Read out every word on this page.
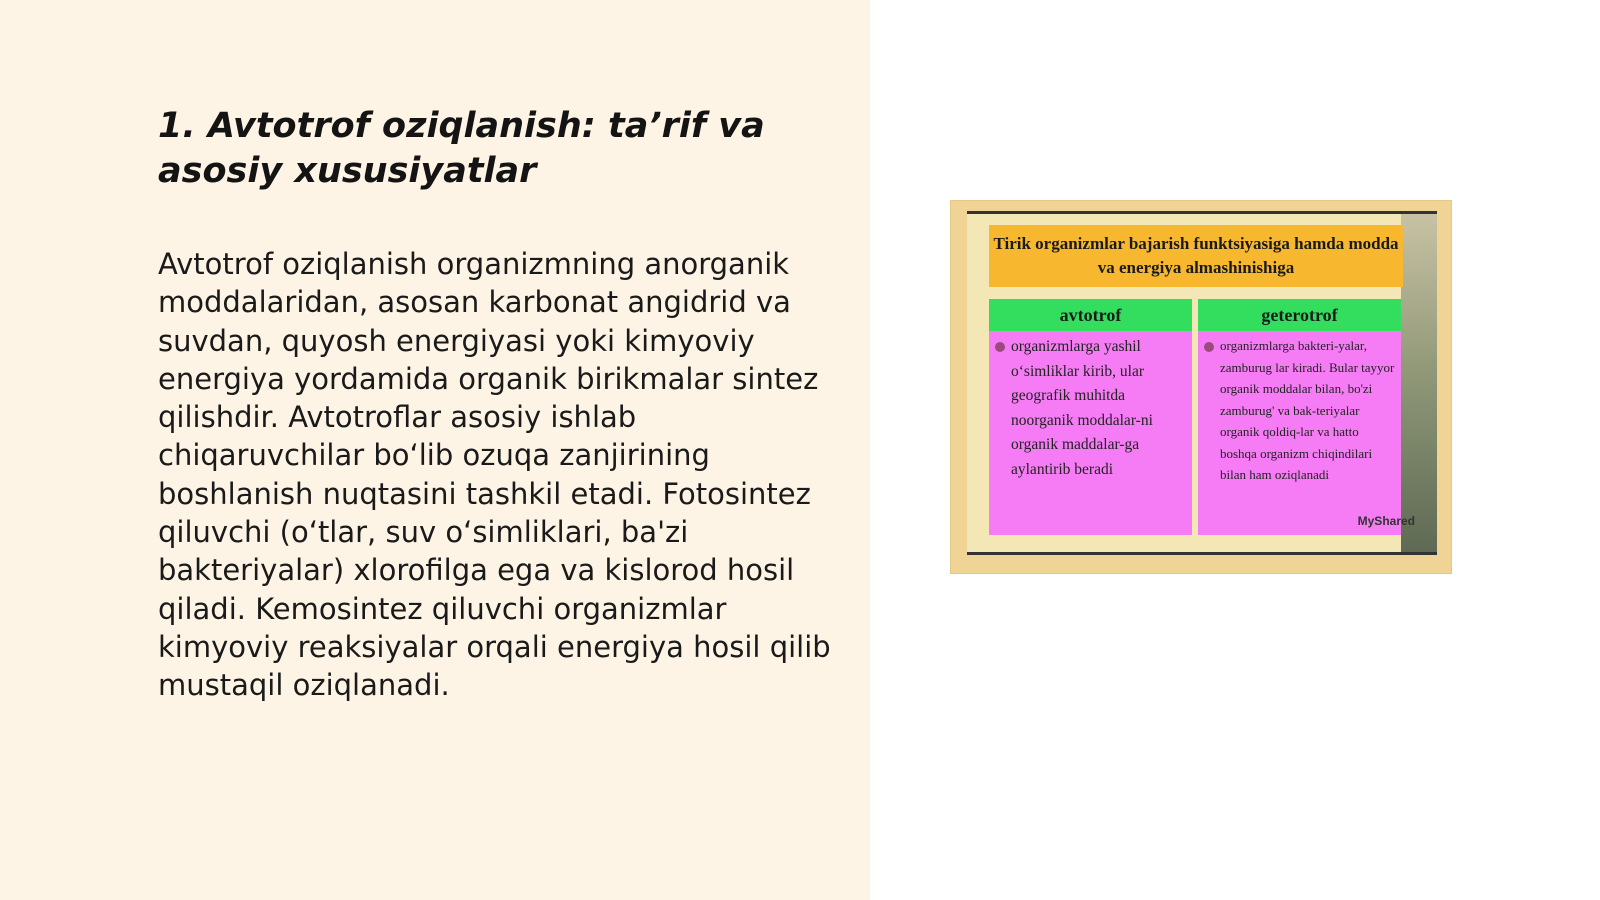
1. Avtotrof oziqlanish: ta’rif va asosiy xususiyatlar

Avtotrof oziqlanish organizmning anorganik moddalaridan, asosan karbonat angidrid va suvdan, quyosh energiyasi yoki kimyoviy energiya yordamida organik birikmalar sintez qilishdir. Avtotroflar asosiy ishlab chiqaruvchilar bo‘lib ozuqa zanjirining boshlanish nuqtasini tashkil etadi. Fotosintez qiluvchi (o‘tlar, suv o‘simliklari, ba'zi bakteriyalar) xlorofilga ega va kislorod hosil qiladi. Kemosintez qiluvchi organizmlar kimyoviy reaksiyalar orqali energiya hosil qilib mustaqil oziqlanadi.

Tirik organizmlar bajarish funktsiyasiga hamda modda va energiya almashinishiga
avtotrof
organizmlarga yashil o‘simliklar kirib, ular geografik muhitda noorganik moddalar-ni organik maddalar-ga aylantirib beradi
geterotrof
organizmlarga bakteri-yalar, zamburug lar kiradi. Bular tayyor organik moddalar bilan, bo'zi zamburug' va bak-teriyalar organik qoldiq-lar va hatto boshqa organizm chiqindilari bilan ham oziqlanadi
MyShared
